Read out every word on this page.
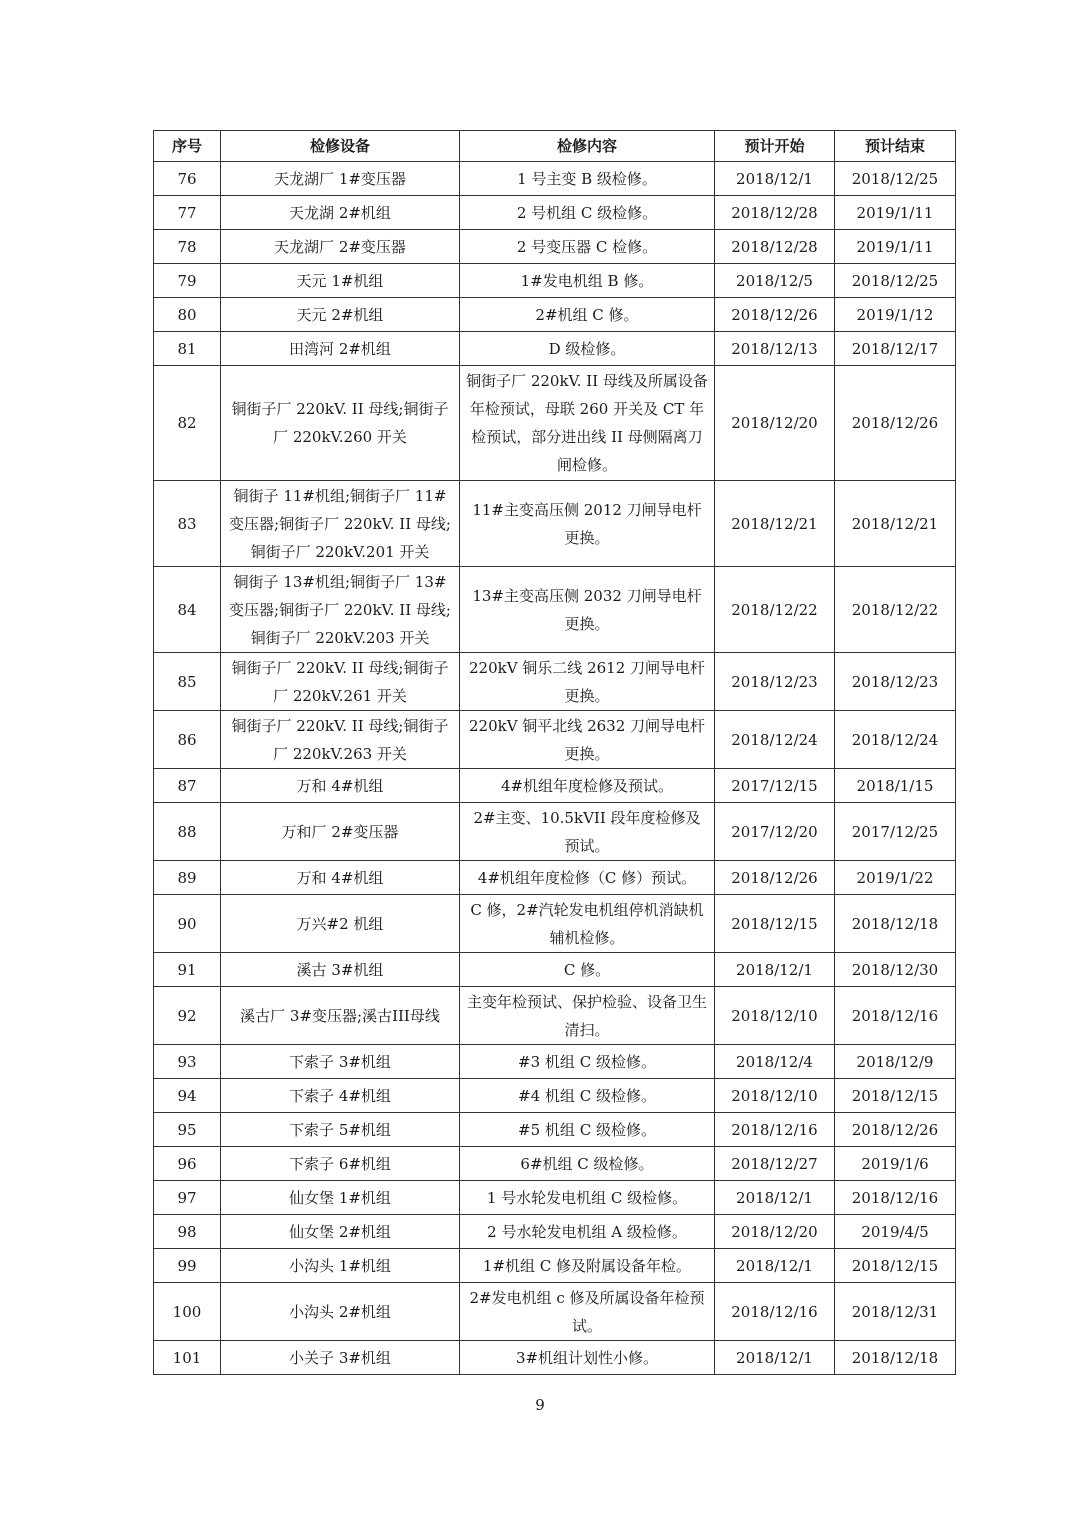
序号	检修设备	检修内容	预计开始	预计结束
76	天龙湖厂 1#变压器	1 号主变 B 级检修。	2018/12/1	2018/12/25
77	天龙湖 2#机组	2 号机组 C 级检修。	2018/12/28	2019/1/11
78	天龙湖厂 2#变压器	2 号变压器 C 检修。	2018/12/28	2019/1/11
79	天元 1#机组	1#发电机组 B 修。	2018/12/5	2018/12/25
80	天元 2#机组	2#机组 C 修。	2018/12/26	2019/1/12
81	田湾河 2#机组	D 级检修。	2018/12/13	2018/12/17
82	铜街子厂 220kV. II 母线;铜街子厂 220kV.260 开关	铜街子厂 220kV. II 母线及所属设备年检预试，母联 260 开关及 CT 年检预试，部分进出线 II 母侧隔离刀闸检修。	2018/12/20	2018/12/26
83	铜街子 11#机组;铜街子厂 11#变压器;铜街子厂 220kV. II 母线;铜街子厂 220kV.201 开关	11#主变高压侧 2012 刀闸导电杆更换。	2018/12/21	2018/12/21
84	铜街子 13#机组;铜街子厂 13#变压器;铜街子厂 220kV. II 母线;铜街子厂 220kV.203 开关	13#主变高压侧 2032 刀闸导电杆更换。	2018/12/22	2018/12/22
85	铜街子厂 220kV. II 母线;铜街子厂 220kV.261 开关	220kV 铜乐二线 2612 刀闸导电杆更换。	2018/12/23	2018/12/23
86	铜街子厂 220kV. II 母线;铜街子厂 220kV.263 开关	220kV 铜平北线 2632 刀闸导电杆更换。	2018/12/24	2018/12/24
87	万和 4#机组	4#机组年度检修及预试。	2017/12/15	2018/1/15
88	万和厂 2#变压器	2#主变、10.5kVII 段年度检修及预试。	2017/12/20	2017/12/25
89	万和 4#机组	4#机组年度检修（C 修）预试。	2018/12/26	2019/1/22
90	万兴#2 机组	C 修，2#汽轮发电机组停机消缺机辅机检修。	2018/12/15	2018/12/18
91	溪古 3#机组	C 修。	2018/12/1	2018/12/30
92	溪古厂 3#变压器;溪古III母线	主变年检预试、保护检验、设备卫生清扫。	2018/12/10	2018/12/16
93	下索子 3#机组	#3 机组 C 级检修。	2018/12/4	2018/12/9
94	下索子 4#机组	#4 机组 C 级检修。	2018/12/10	2018/12/15
95	下索子 5#机组	#5 机组 C 级检修。	2018/12/16	2018/12/26
96	下索子 6#机组	6#机组 C 级检修。	2018/12/27	2019/1/6
97	仙女堡 1#机组	1 号水轮发电机组 C 级检修。	2018/12/1	2018/12/16
98	仙女堡 2#机组	2 号水轮发电机组 A 级检修。	2018/12/20	2019/4/5
99	小沟头 1#机组	1#机组 C 修及附属设备年检。	2018/12/1	2018/12/15
100	小沟头 2#机组	2#发电机组 c 修及所属设备年检预试。	2018/12/16	2018/12/31
101	小关子 3#机组	3#机组计划性小修。	2018/12/1	2018/12/18
9
